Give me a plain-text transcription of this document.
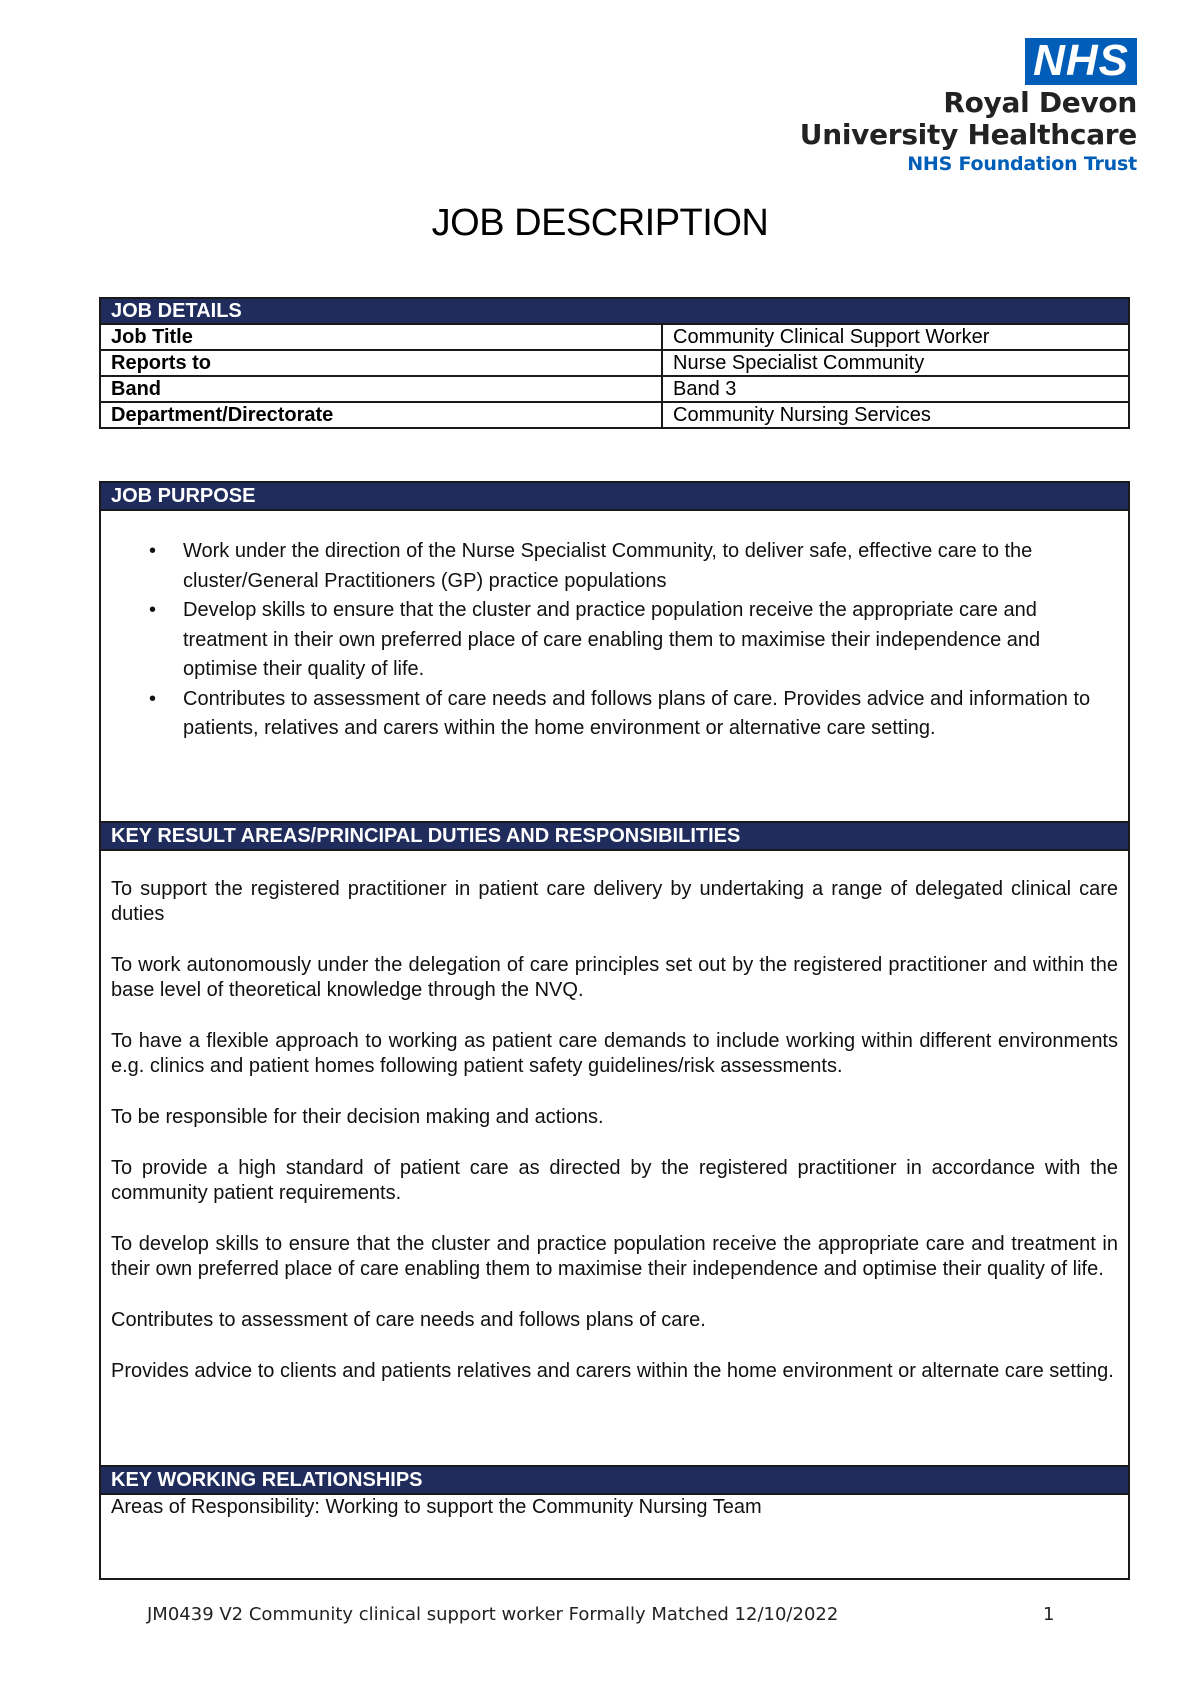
NHS
Royal Devon
University Healthcare
NHS Foundation Trust
JOB DESCRIPTION
JOB DETAILS	
Job Title	Community Clinical Support Worker
Reports to	Nurse Specialist Community
Band	Band 3
Department/Directorate	Community Nursing Services
JOB PURPOSE
• Work under the direction of the Nurse Specialist Community, to deliver safe, effective care to the cluster/General Practitioners (GP) practice populations
• Develop skills to ensure that the cluster and practice population receive the appropriate care and treatment in their own preferred place of care enabling them to maximise their independence and optimise their quality of life.
• Contributes to assessment of care needs and follows plans of care. Provides advice and information to patients, relatives and carers within the home environment or alternative care setting.
KEY RESULT AREAS/PRINCIPAL DUTIES AND RESPONSIBILITIES

To support the registered practitioner in patient care delivery by undertaking a range of delegated clinical care duties

To work autonomously under the delegation of care principles set out by the registered practitioner and within the base level of theoretical knowledge through the NVQ.

To have a flexible approach to working as patient care demands to include working within different environments e.g. clinics and patient homes following patient safety guidelines/risk assessments.

To be responsible for their decision making and actions.

To provide a high standard of patient care as directed by the registered practitioner in accordance with the community patient requirements.

To develop skills to ensure that the cluster and practice population receive the appropriate care and treatment in their own preferred place of care enabling them to maximise their independence and optimise their quality of life.

Contributes to assessment of care needs and follows plans of care.

Provides advice to clients and patients relatives and carers within the home environment or alternate care setting.

KEY WORKING RELATIONSHIPS

Areas of Responsibility: Working to support the Community Nursing Team

JM0439 V2 Community clinical support worker Formally Matched 12/10/2022	1
